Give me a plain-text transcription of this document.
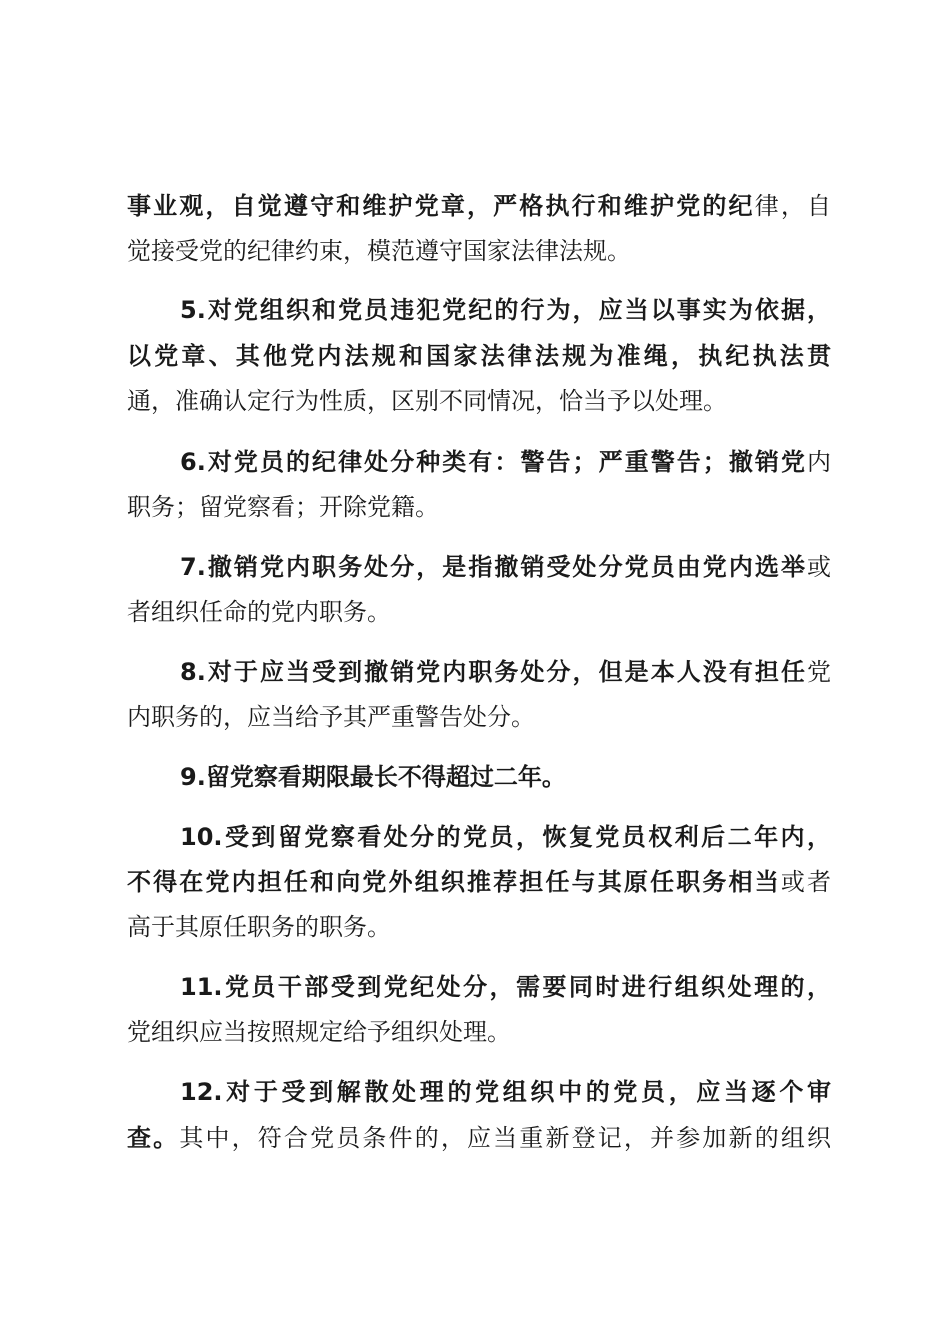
事业观，自觉遵守和维护党章，严格执行和维护党的纪律，自
觉接受党的纪律约束，模范遵守国家法律法规。
5.对党组织和党员违犯党纪的行为，应当以事实为依据，
以党章、其他党内法规和国家法律法规为准绳，执纪执法贯
通，准确认定行为性质，区别不同情况，恰当予以处理。
6.对党员的纪律处分种类有：警告；严重警告；撤销党内
职务；留党察看；开除党籍。
7.撤销党内职务处分，是指撤销受处分党员由党内选举或
者组织任命的党内职务。
8.对于应当受到撤销党内职务处分，但是本人没有担任党
内职务的，应当给予其严重警告处分。
9.留党察看期限最长不得超过二年。
10.受到留党察看处分的党员，恢复党员权利后二年内，
不得在党内担任和向党外组织推荐担任与其原任职务相当或者
高于其原任职务的职务。
11.党员干部受到党纪处分，需要同时进行组织处理的，
党组织应当按照规定给予组织处理。
12.对于受到解散处理的党组织中的党员，应当逐个审
查。其中，符合党员条件的，应当重新登记，并参加新的组织
